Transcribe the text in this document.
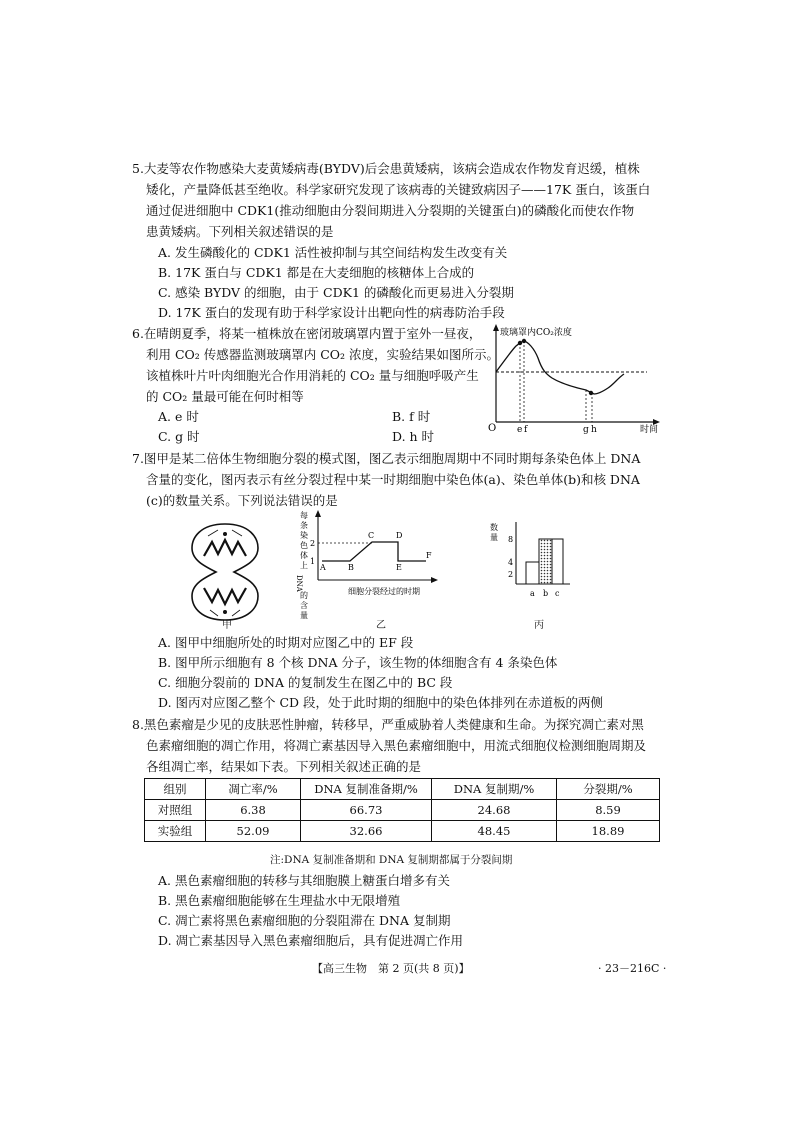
5.大麦等农作物感染大麦黄矮病毒(BYDV)后会患黄矮病，该病会造成农作物发育迟缓，植株
矮化，产量降低甚至绝收。科学家研究发现了该病毒的关键致病因子——17K 蛋白，该蛋白
通过促进细胞中 CDK1(推动细胞由分裂间期进入分裂期的关键蛋白)的磷酸化而使农作物
患黄矮病。下列相关叙述错误的是
A. 发生磷酸化的 CDK1 活性被抑制与其空间结构发生改变有关
B. 17K 蛋白与 CDK1 都是在大麦细胞的核糖体上合成的
C. 感染 BYDV 的细胞，由于 CDK1 的磷酸化而更易进入分裂期
D. 17K 蛋白的发现有助于科学家设计出靶向性的病毒防治手段
6.在晴朗夏季，将某一植株放在密闭玻璃罩内置于室外一昼夜，
利用 CO₂ 传感器监测玻璃罩内 CO₂ 浓度，实验结果如图所示。
该植株叶片叶肉细胞光合作用消耗的 CO₂ 量与细胞呼吸产生
的 CO₂ 量最可能在何时相等
A. e 时	B. f 时
C. g 时	D. h 时
玻璃罩内CO₂浓度
O e f	g h	时间
7.图甲是某二倍体生物细胞分裂的模式图，图乙表示细胞周期中不同时期每条染色体上 DNA
含量的变化，图丙表示有丝分裂过程中某一时期细胞中染色体(a)、染色单体(b)和核 DNA
(c)的数量关系。下列说法错误的是
甲
每
条
染
色
体
上
DNA
的
含
量
2
1
A	B
C	D
E
F
细胞分裂经过的时期
乙
数
量 8
4
2
a b c
丙
A. 图甲中细胞所处的时期对应图乙中的 EF 段
B. 图甲所示细胞有 8 个核 DNA 分子，该生物的体细胞含有 4 条染色体
C. 细胞分裂前的 DNA 的复制发生在图乙中的 BC 段
D. 图丙对应图乙整个 CD 段，处于此时期的细胞中的染色体排列在赤道板的两侧
8.黑色素瘤是少见的皮肤恶性肿瘤，转移早，严重威胁着人类健康和生命。为探究凋亡素对黑
色素瘤细胞的凋亡作用，将凋亡素基因导入黑色素瘤细胞中，用流式细胞仪检测细胞周期及
各组凋亡率，结果如下表。下列相关叙述正确的是
组别	凋亡率/%	DNA 复制准备期/%	DNA 复制期/%	分裂期/%
对照组	6.38	66.73	24.68	8.59
实验组	52.09	32.66	48.45	18.89
注:DNA 复制准备期和 DNA 复制期都属于分裂间期
A. 黑色素瘤细胞的转移与其细胞膜上糖蛋白增多有关
B. 黑色素瘤细胞能够在生理盐水中无限增殖
C. 凋亡素将黑色素瘤细胞的分裂阻滞在 DNA 复制期
D. 凋亡素基因导入黑色素瘤细胞后，具有促进凋亡作用
【高三生物　第 2 页(共 8 页)】	· 23－216C ·
